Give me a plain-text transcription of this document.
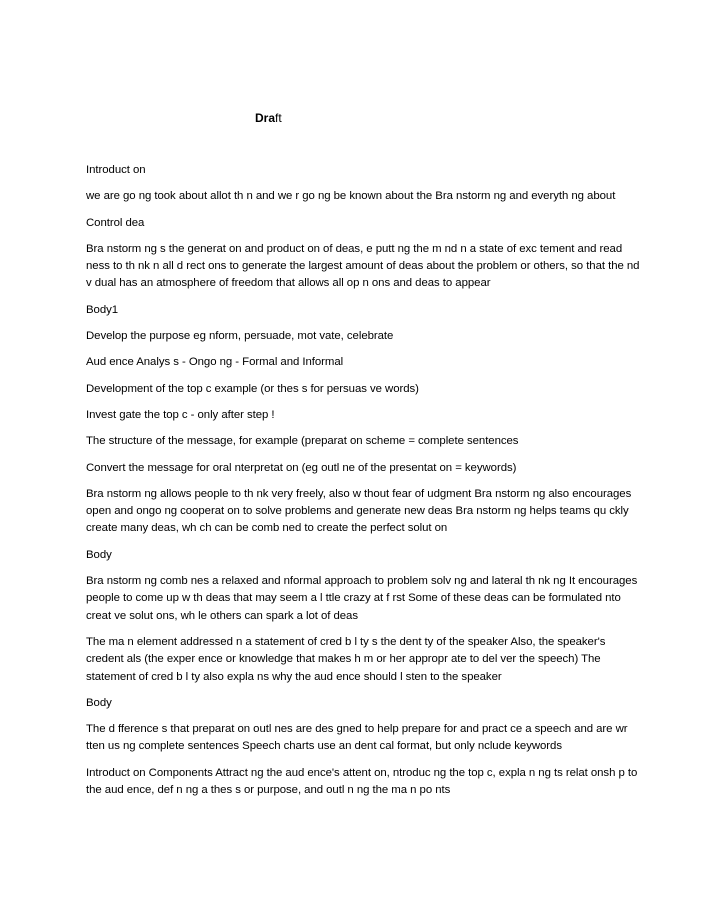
Draft

Introduct on

we are go ng took about allot th n and we r go ng be known about the Bra nstorm ng and everyth ng about

Control dea

Bra nstorm ng s the generat on and product on of deas, e putt ng the m nd n a state of exc tement and read ness to th nk n all d rect ons to generate the largest amount of deas about the problem or others, so that the nd v dual has an atmosphere of freedom that allows all op n ons and deas to appear

Body1

Develop the purpose eg nform, persuade, mot vate, celebrate

Aud ence Analys s - Ongo ng - Formal and Informal

Development of the top c example (or thes s for persuas ve words)

Invest gate the top c - only after step !

The structure of the message, for example (preparat on scheme = complete sentences

Convert the message for oral nterpretat on (eg outl ne of the presentat on = keywords)

Bra nstorm ng allows people to th nk very freely, also w thout fear of udgment Bra nstorm ng also encourages open and ongo ng cooperat on to solve problems and generate new deas Bra nstorm ng helps teams qu ckly create many deas, wh ch can be comb ned to create the perfect solut on

Body

Bra nstorm ng comb nes a relaxed and nformal approach to problem solv ng and lateral th nk ng It encourages people to come up w th deas that may seem a l ttle crazy at f rst Some of these deas can be formulated nto creat ve solut ons, wh le others can spark a lot of deas

The ma n element addressed n a statement of cred b l ty s the dent ty of the speaker Also, the speaker's credent als (the exper ence or knowledge that makes h m or her appropr ate to del ver the speech) The statement of cred b l ty also expla ns why the aud ence should l sten to the speaker

Body

The d fference s that preparat on outl nes are des gned to help prepare for and pract ce a speech and are wr tten us ng complete sentences Speech charts use an dent cal format, but only nclude keywords

Introduct on Components Attract ng the aud ence's attent on, ntroduc ng the top c, expla n ng ts relat onsh p to the aud ence, def n ng a thes s or purpose, and outl n ng the ma n po nts
